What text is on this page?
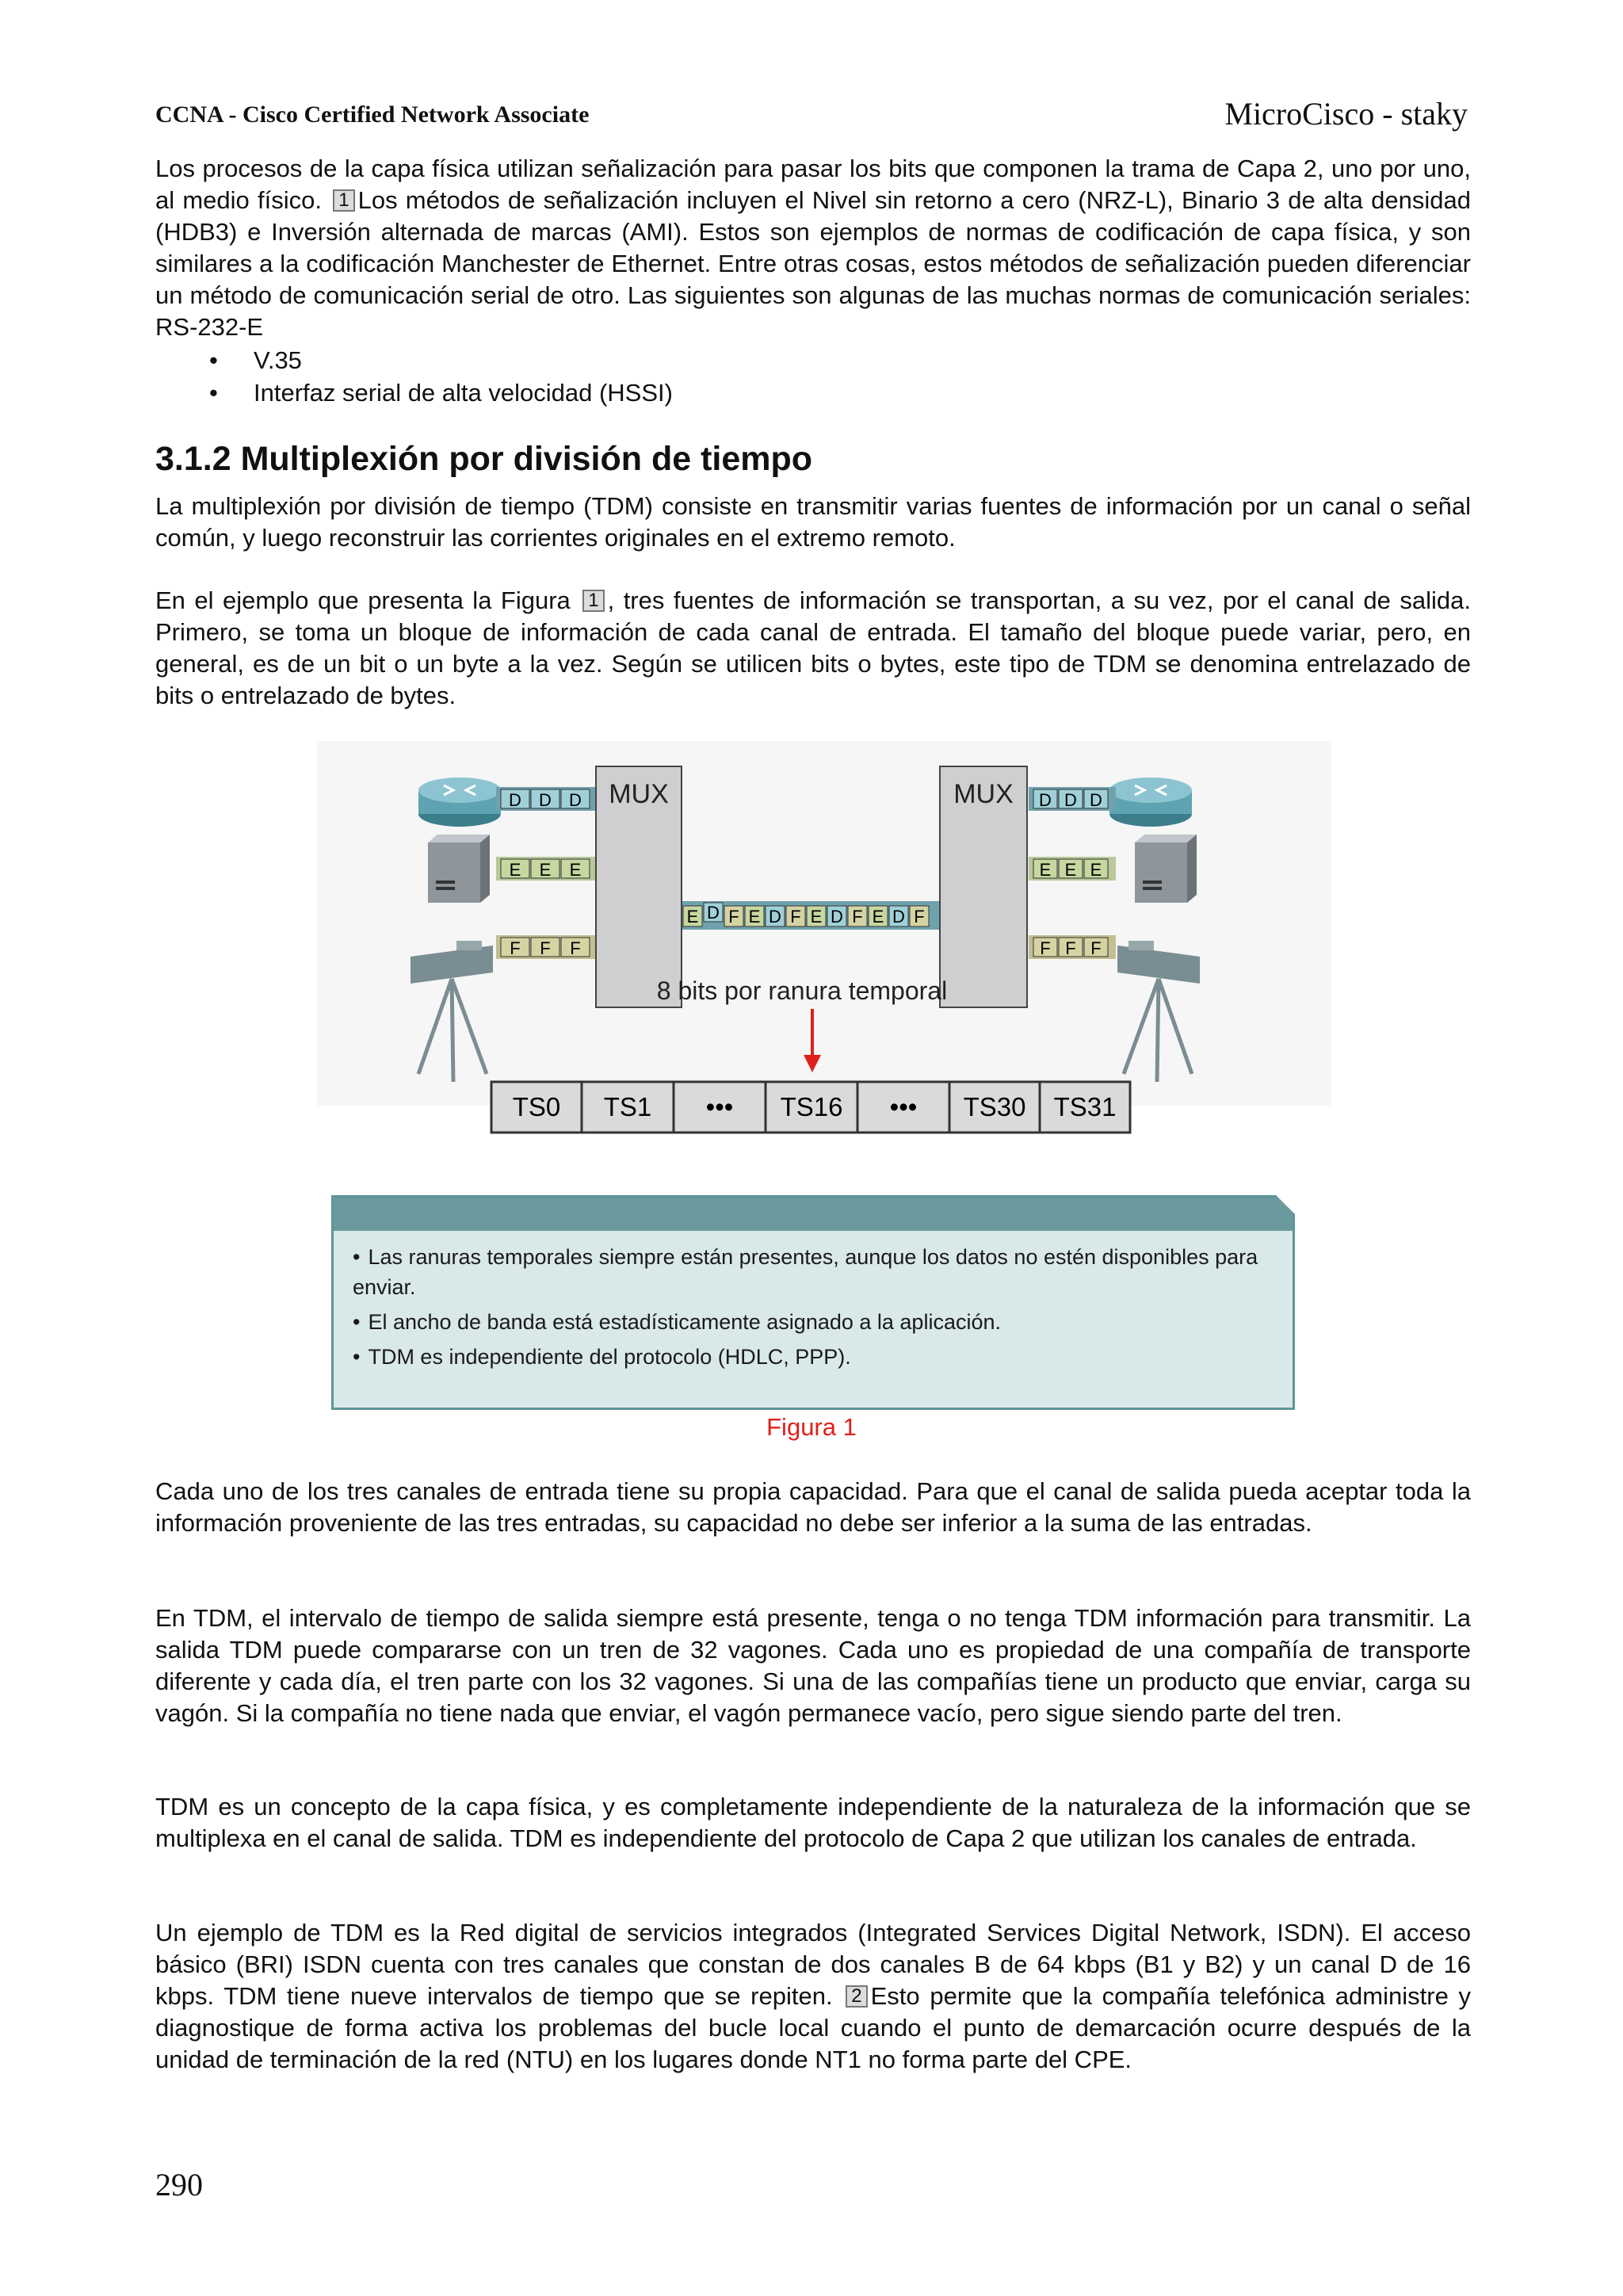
CCNA - Cisco Certified Network Associate	MicroCisco - staky

Los procesos de la capa física utilizan señalización para pasar los bits que componen la trama de Capa 2, uno por uno, al medio físico. 1 Los métodos de señalización incluyen el Nivel sin retorno a cero (NRZ-L), Binario 3 de alta densidad (HDB3) e Inversión alternada de marcas (AMI). Estos son ejemplos de normas de codificación de capa física, y son similares a la codificación Manchester de Ethernet. Entre otras cosas, estos métodos de señalización pueden diferenciar un método de comunicación serial de otro. Las siguientes son algunas de las muchas normas de comunicación seriales: RS-232-E

• V.35
• Interfaz serial de alta velocidad (HSSI)
3.1.2 Multiplexión por división de tiempo

La multiplexión por división de tiempo (TDM) consiste en transmitir varias fuentes de información por un canal o señal común, y luego reconstruir las corrientes originales en el extremo remoto.

En el ejemplo que presenta la Figura 1 , tres fuentes de información se transportan, a su vez, por el canal de salida. Primero, se toma un bloque de información de cada canal de entrada. El tamaño del bloque puede variar, pero, en general, es de un bit o un byte a la vez. Según se utilicen bits o bytes, este tipo de TDM se denomina entrelazado de bits o entrelazado de bytes.

D D D
E E E
F F F
D D D
E E E
F F F
E D F E D F E D F E D F
MUX	MUX
8 bits por ranura temporal
TS0 TS1 ••• TS16 ••• TS30 TS31
• Las ranuras temporales siempre están presentes, aunque los datos no estén disponibles para enviar.
• El ancho de banda está estadísticamente asignado a la aplicación.
• TDM es independiente del protocolo (HDLC, PPP).
Figura 1

Cada uno de los tres canales de entrada tiene su propia capacidad. Para que el canal de salida pueda aceptar toda la información proveniente de las tres entradas, su capacidad no debe ser inferior a la suma de las entradas.

En TDM, el intervalo de tiempo de salida siempre está presente, tenga o no tenga TDM información para transmitir. La salida TDM puede compararse con un tren de 32 vagones. Cada uno es propiedad de una compañía de transporte diferente y cada día, el tren parte con los 32 vagones. Si una de las compañías tiene un producto que enviar, carga su vagón. Si la compañía no tiene nada que enviar, el vagón permanece vacío, pero sigue siendo parte del tren.

TDM es un concepto de la capa física, y es completamente independiente de la naturaleza de la información que se multiplexa en el canal de salida. TDM es independiente del protocolo de Capa 2 que utilizan los canales de entrada.

Un ejemplo de TDM es la Red digital de servicios integrados (Integrated Services Digital Network, ISDN). El acceso básico (BRI) ISDN cuenta con tres canales que constan de dos canales B de 64 kbps (B1 y B2) y un canal D de 16 kbps. TDM tiene nueve intervalos de tiempo que se repiten. 2 Esto permite que la compañía telefónica administre y diagnostique de forma activa los problemas del bucle local cuando el punto de demarcación ocurre después de la unidad de terminación de la red (NTU) en los lugares donde NT1 no forma parte del CPE.

290
